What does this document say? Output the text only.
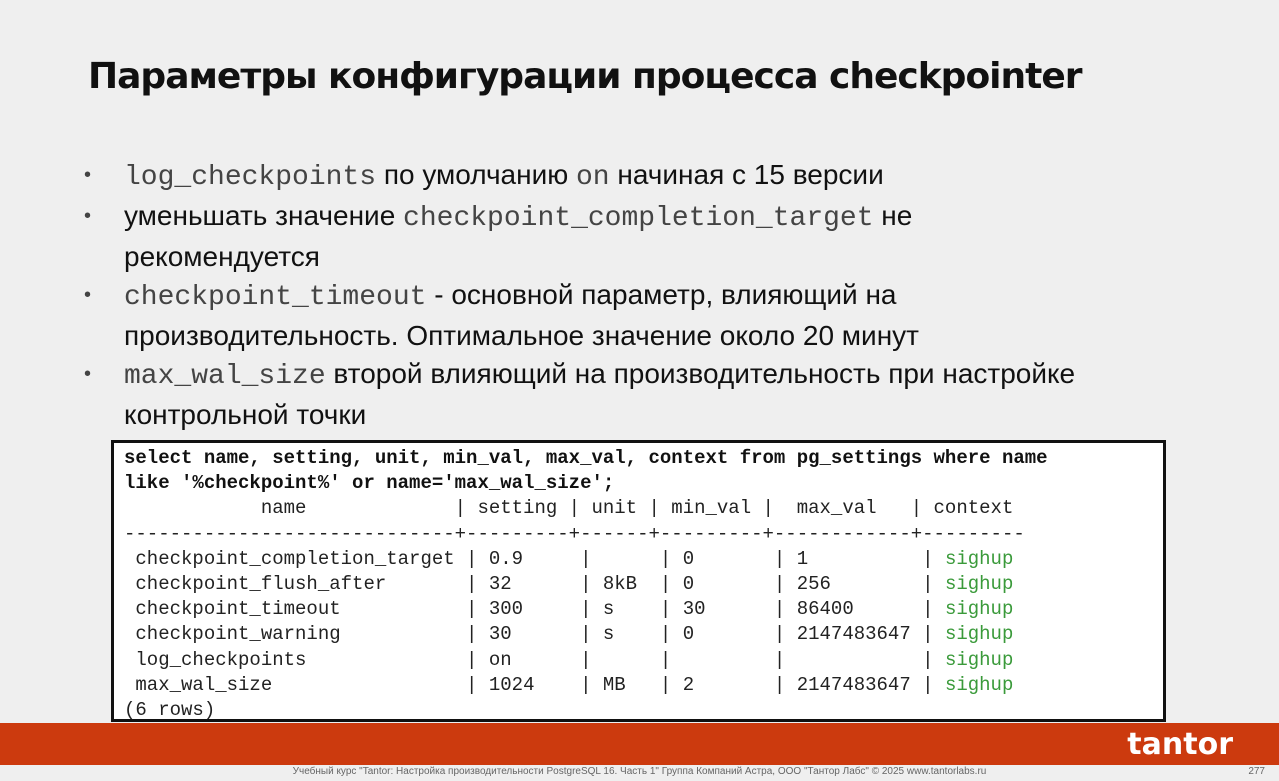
Параметры конфигурации процесса checkpointer
• log_checkpoints по умолчанию on начиная с 15 версии
• уменьшать значение checkpoint_completion_target не рекомендуется
• checkpoint_timeout - основной параметр, влияющий на производительность. Оптимальное значение около 20 минут
• max_wal_size второй влияющий на производительность при настройке контрольной точки
select name, setting, unit, min_val, max_val, context from pg_settings where name
like '%checkpoint%' or name='max_wal_size';
name             | setting | unit | min_val |  max_val   | context
-----------------------------+---------+------+---------+------------+---------
checkpoint_completion_target | 0.9     |      | 0       | 1          | sighup
checkpoint_flush_after       | 32      | 8kB  | 0       | 256        | sighup
checkpoint_timeout           | 300     | s    | 30      | 86400      | sighup
checkpoint_warning           | 30      | s    | 0       | 2147483647 | sighup
log_checkpoints              | on      |      |         |            | sighup
max_wal_size                 | 1024    | MB   | 2       | 2147483647 | sighup
(6 rows)
tantor
Учебный курс "Tantor: Настройка производительности PostgreSQL 16. Часть 1" Группа Компаний Астра, ООО "Тантор Лабс" © 2025 www.tantorlabs.ru	277
